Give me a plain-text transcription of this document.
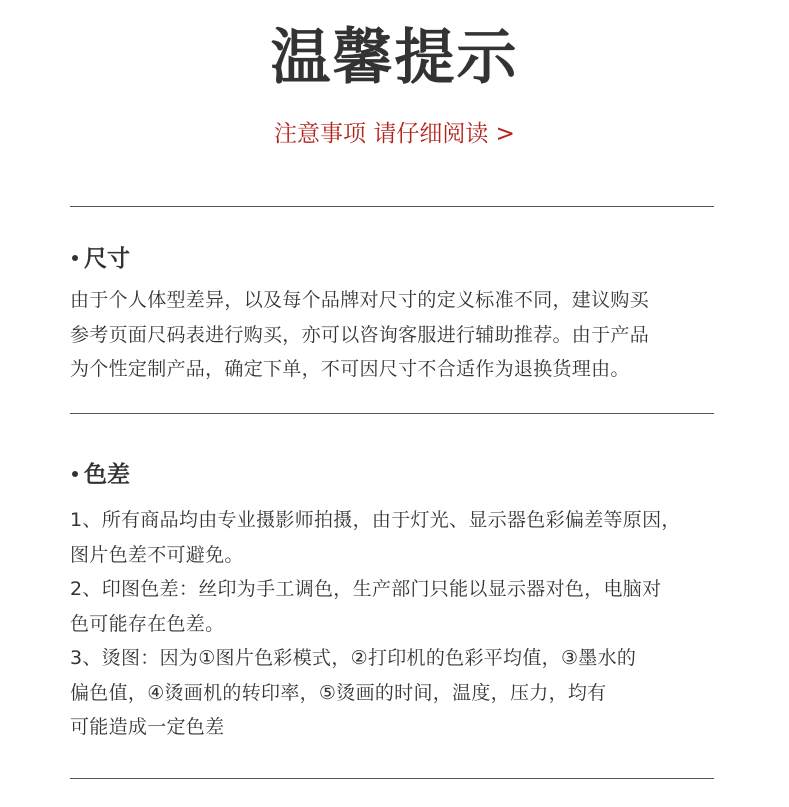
温馨提示

注意事项 请仔细阅读 >

尺寸
由于个人体型差异，以及每个品牌对尺寸的定义标准不同，建议购买
参考页面尺码表进行购买，亦可以咨询客服进行辅助推荐。由于产品
为个性定制产品，确定下单，不可因尺寸不合适作为退换货理由。
色差
1、所有商品均由专业摄影师拍摄，由于灯光、显示器色彩偏差等原因，
图片色差不可避免。
2、印图色差：丝印为手工调色，生产部门只能以显示器对色，电脑对
色可能存在色差。
3、烫图：因为①图片色彩模式，②打印机的色彩平均值，③墨水的
偏色值，④烫画机的转印率，⑤烫画的时间，温度，压力，均有
可能造成一定色差
